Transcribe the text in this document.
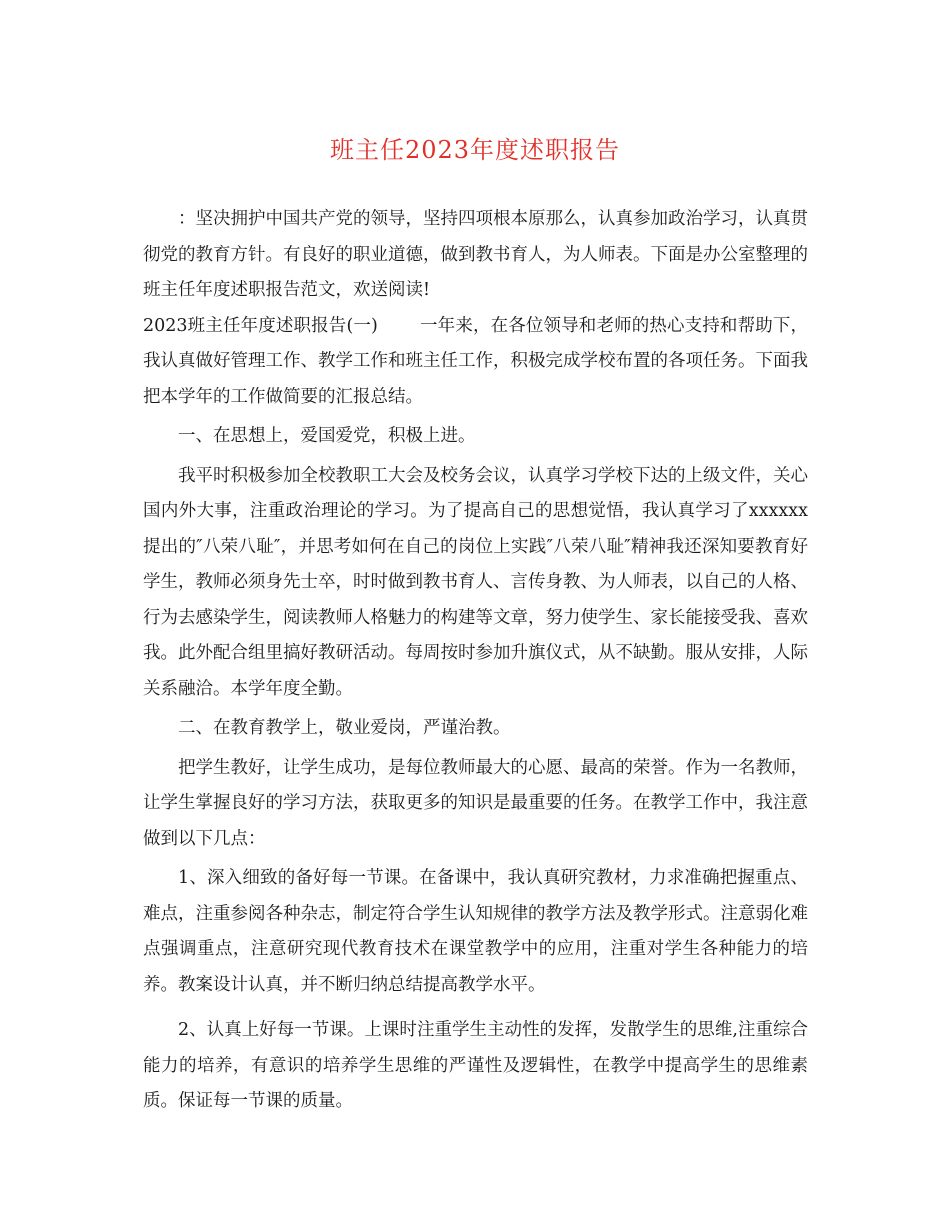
班主任2023年度述职报告

：坚决拥护中国共产党的领导，坚持四项根本原那么，认真参加政治学习，认真贯彻党的教育方针。有良好的职业道德，做到教书育人，为人师表。下面是办公室整理的班主任年度述职报告范文，欢送阅读!

2023班主任年度述职报告(一) 一年来，在各位领导和老师的热心支持和帮助下，我认真做好管理工作、教学工作和班主任工作，积极完成学校布置的各项任务。下面我把本学年的工作做简要的汇报总结。

一、在思想上，爱国爱党，积极上进。

我平时积极参加全校教职工大会及校务会议，认真学习学校下达的上级文件，关心国内外大事，注重政治理论的学习。为了提高自己的思想觉悟，我认真学习了xxxxxx提出的″八荣八耻″，并思考如何在自己的岗位上实践″八荣八耻″精神我还深知要教育好学生，教师必须身先士卒，时时做到教书育人、言传身教、为人师表，以自己的人格、行为去感染学生，阅读教师人格魅力的构建等文章，努力使学生、家长能接受我、喜欢我。此外配合组里搞好教研活动。每周按时参加升旗仪式，从不缺勤。服从安排，人际关系融洽。本学年度全勤。

二、在教育教学上，敬业爱岗，严谨治教。

把学生教好，让学生成功，是每位教师最大的心愿、最高的荣誉。作为一名教师，让学生掌握良好的学习方法，获取更多的知识是最重要的任务。在教学工作中，我注意做到以下几点：

1、深入细致的备好每一节课。在备课中，我认真研究教材，力求准确把握重点、难点，注重参阅各种杂志，制定符合学生认知规律的教学方法及教学形式。注意弱化难点强调重点，注意研究现代教育技术在课堂教学中的应用，注重对学生各种能力的培养。教案设计认真，并不断归纳总结提高教学水平。

2、认真上好每一节课。上课时注重学生主动性的发挥，发散学生的思维,注重综合能力的培养，有意识的培养学生思维的严谨性及逻辑性，在教学中提高学生的思维素质。保证每一节课的质量。
